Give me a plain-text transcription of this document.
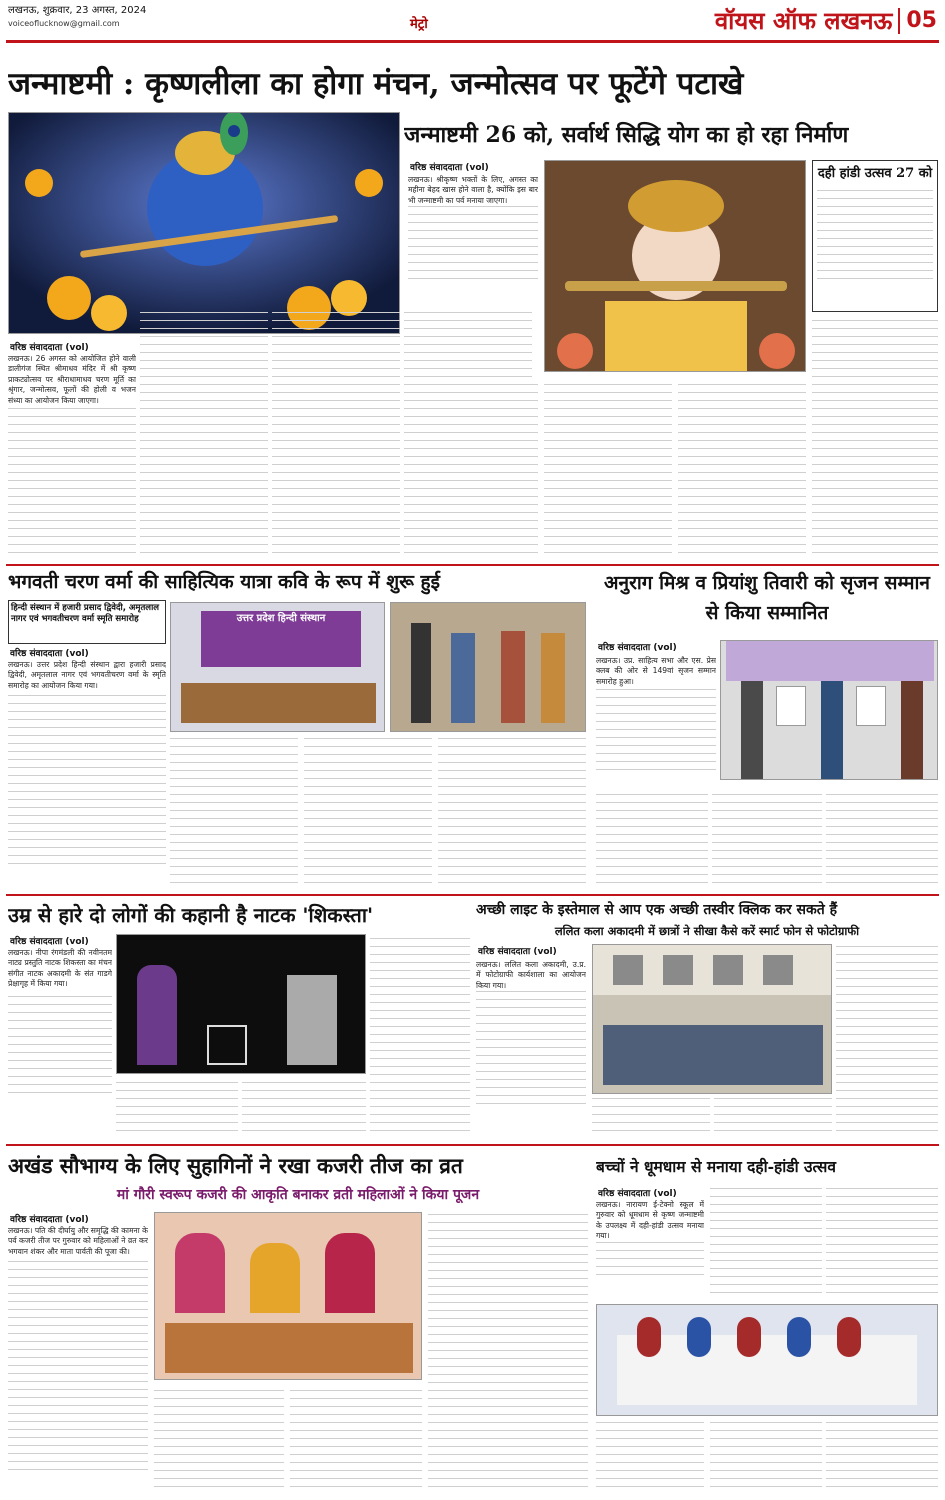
लखनऊ, शुक्रवार, 23 अगस्त, 2024
voiceoflucknow@gmail.com	मेट्रो	वॉयस ऑफ लखनऊ 05
जन्माष्टमी : कृष्णलीला का होगा मंचन, जन्मोत्सव पर फूटेंगे पटाखे
वरिष्ठ संवाददाता (vol)
लखनऊ। 26 अगस्त को आयोजित होने वाली डालीगंज स्थित श्रीमाधव मंदिर में श्री कृष्ण प्राकट्योत्सव पर श्रीराधामाधव चरण मूर्ति का श्रृंगार, जन्मोत्सव, फूलों की होली व भजन संध्या का आयोजन किया जाएगा।
जन्माष्टमी 26 को, सर्वार्थ सिद्धि योग का हो रहा निर्माण
वरिष्ठ संवाददाता (vol)
लखनऊ। श्रीकृष्ण भक्तों के लिए, अगस्त का महीना बेहद खास होने वाला है, क्योंकि इस बार भी जन्माष्टमी का पर्व मनाया जाएगा।
दही हांडी उत्सव 27 को
भगवती चरण वर्मा की साहित्यिक यात्रा कवि के रूप में शुरू हुई
हिन्दी संस्थान में हजारी प्रसाद द्विवेदी, अमृतलाल नागर एवं भगवतीचरण वर्मा स्मृति समारोह
वरिष्ठ संवाददाता (vol)
लखनऊ। उत्तर प्रदेश हिन्दी संस्थान द्वारा हजारी प्रसाद द्विवेदी, अमृतलाल नागर एवं भगवतीचरण वर्मा के स्मृति समारोह का आयोजन किया गया।
उत्तर प्रदेश हिन्दी संस्थान
अनुराग मिश्र व प्रियांशु तिवारी को सृजन सम्मान से किया सम्मानित
वरिष्ठ संवाददाता (vol)
लखनऊ। उप्र. साहित्य सभा और एस. प्रेस क्लब की ओर से 149वां सृजन सम्मान समारोह हुआ।
उम्र से हारे दो लोगों की कहानी है नाटक 'शिकस्ता'
वरिष्ठ संवाददाता (vol)
लखनऊ। नीपा रंगमंडली की नवीनतम नाट्य प्रस्तुति नाटक शिकस्ता का मंचन संगीत नाटक अकादमी के संत गाडगे प्रेक्षागृह में किया गया।
अच्छी लाइट के इस्तेमाल से आप एक अच्छी तस्वीर क्लिक कर सकते हैं
ललित कला अकादमी में छात्रों ने सीखा कैसे करें स्मार्ट फोन से फोटोग्राफी
वरिष्ठ संवाददाता (vol)
लखनऊ। ललित कला अकादमी, उ.प्र. में फोटोग्राफी कार्यशाला का आयोजन किया गया।
अखंड सौभाग्य के लिए सुहागिनों ने रखा कजरी तीज का व्रत
मां गौरी स्वरूप कजरी की आकृति बनाकर व्रती महिलाओं ने किया पूजन
वरिष्ठ संवाददाता (vol)
लखनऊ। पति की दीर्घायु और समृद्धि की कामना के पर्व कजरी तीज पर गुरुवार को महिलाओं ने व्रत कर भगवान शंकर और माता पार्वती की पूजा की।
बच्चों ने धूमधाम से मनाया दही-हांडी उत्सव
वरिष्ठ संवाददाता (vol)
लखनऊ। नारायण ई-टेक्नो स्कूल में गुरुवार को धूमधाम से कृष्ण जन्माष्टमी के उपलक्ष्य में दही-हांडी उत्सव मनाया गया।
